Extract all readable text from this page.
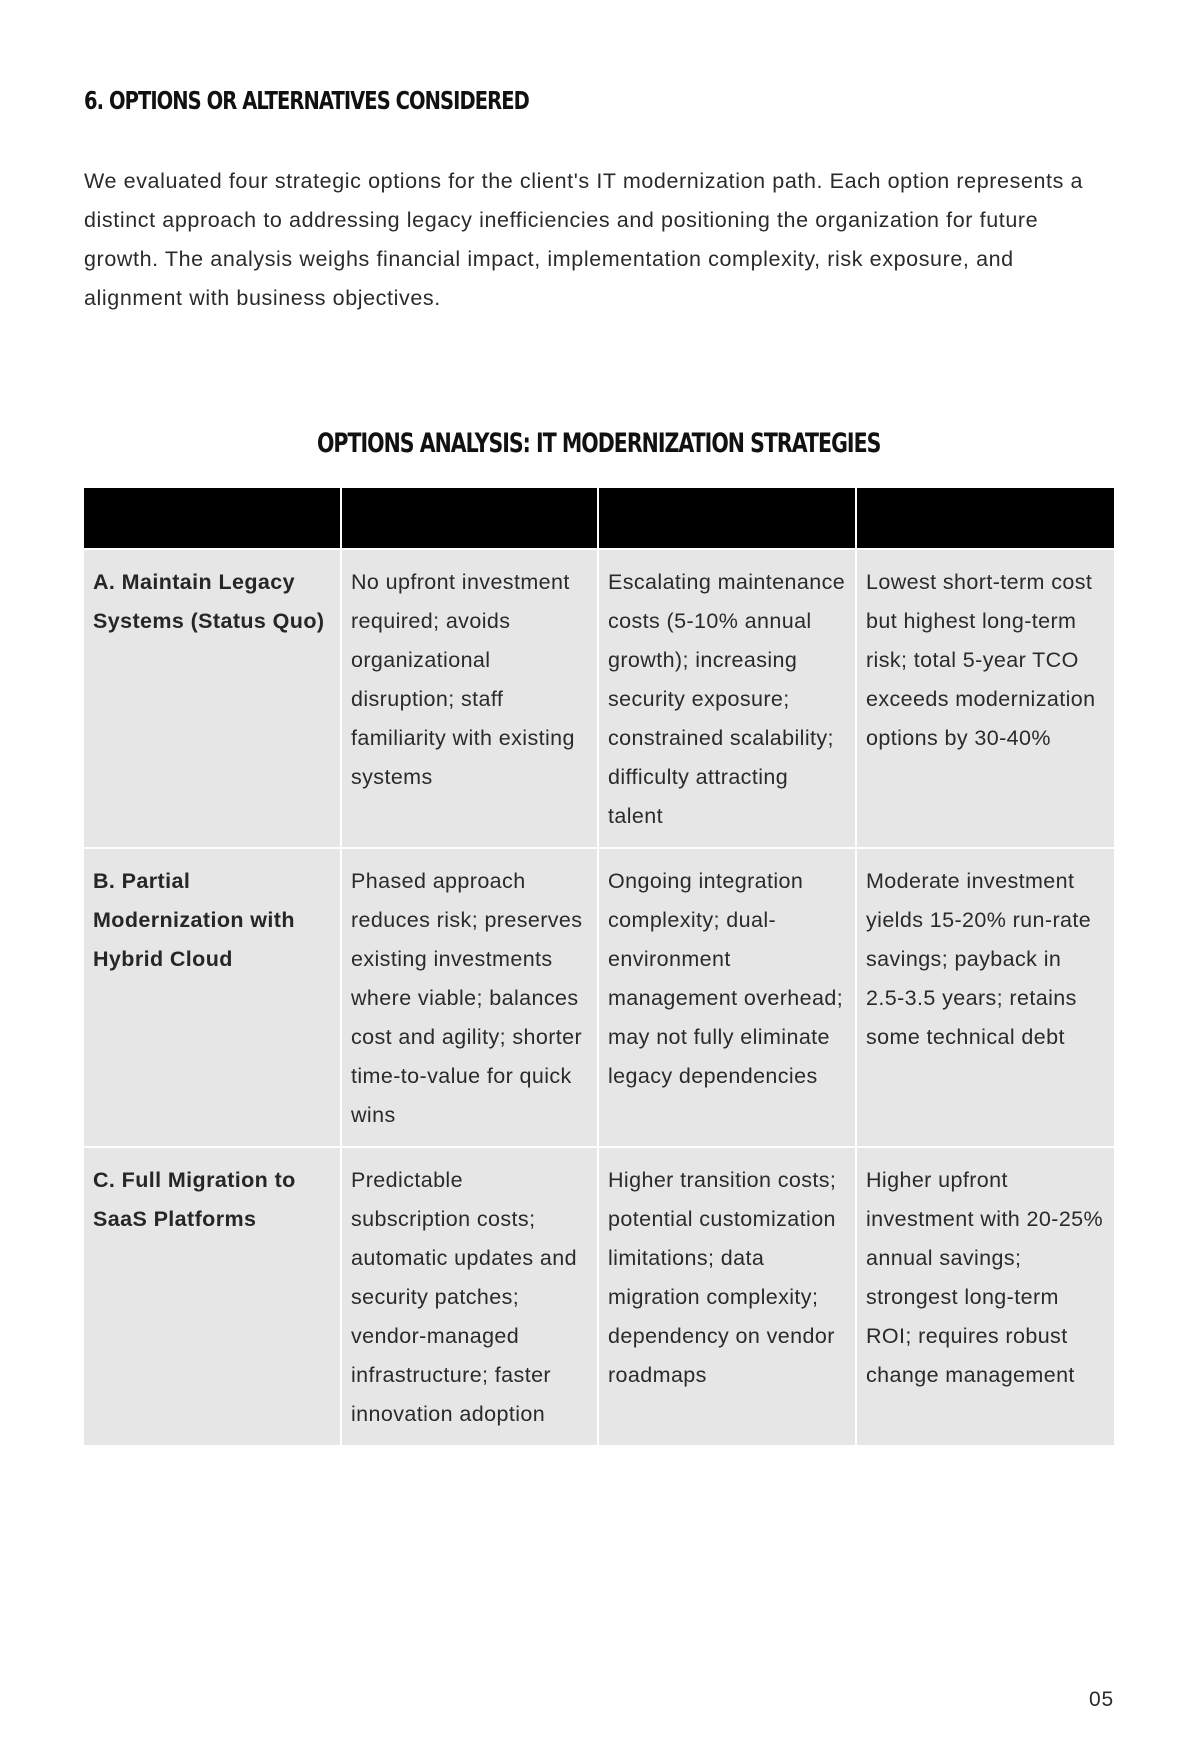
6. OPTIONS OR ALTERNATIVES CONSIDERED

We evaluated four strategic options for the client's IT modernization path. Each option represents a distinct approach to addressing legacy inefficiencies and positioning the organization for future growth. The analysis weighs financial impact, implementation complexity, risk exposure, and alignment with business objectives.

OPTIONS ANALYSIS: IT MODERNIZATION STRATEGIES

A. Maintain Legacy Systems (Status Quo)	No upfront investment required; avoids organizational disruption; staff familiarity with existing systems	Escalating maintenance costs (5-10% annual growth); increasing security exposure; constrained scalability; difficulty attracting talent	Lowest short-term cost but highest long-term risk; total 5-year TCO exceeds modernization options by 30-40%
B. Partial Modernization with Hybrid Cloud	Phased approach reduces risk; preserves existing investments where viable; balances cost and agility; shorter time-to-value for quick wins	Ongoing integration complexity; dual-environment management overhead; may not fully eliminate legacy dependencies	Moderate investment yields 15-20% run-rate savings; payback in 2.5-3.5 years; retains some technical debt
C. Full Migration to SaaS Platforms	Predictable subscription costs; automatic updates and security patches; vendor-managed infrastructure; faster innovation adoption	Higher transition costs; potential customization limitations; data migration complexity; dependency on vendor roadmaps	Higher upfront investment with 20-25% annual savings; strongest long-term ROI; requires robust change management

05
